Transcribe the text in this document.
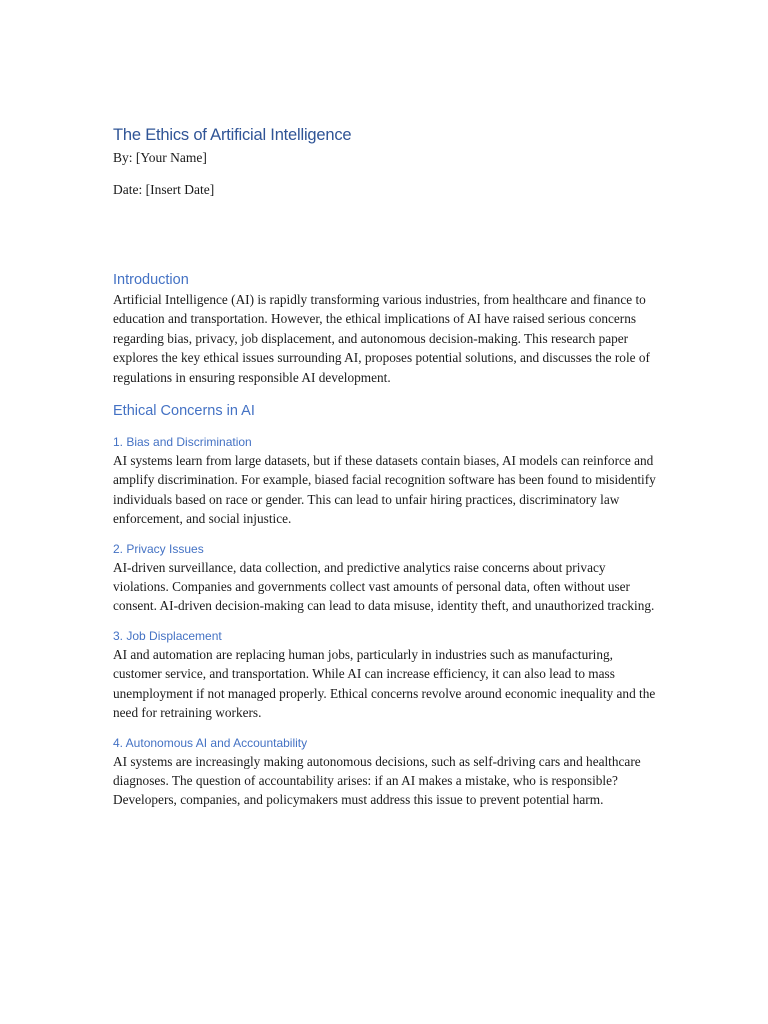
The Ethics of Artificial Intelligence

By: [Your Name]

Date: [Insert Date]

Introduction

Artificial Intelligence (AI) is rapidly transforming various industries, from healthcare and finance to education and transportation. However, the ethical implications of AI have raised serious concerns regarding bias, privacy, job displacement, and autonomous decision-making. This research paper explores the key ethical issues surrounding AI, proposes potential solutions, and discusses the role of regulations in ensuring responsible AI development.

Ethical Concerns in AI
1. Bias and Discrimination

AI systems learn from large datasets, but if these datasets contain biases, AI models can reinforce and amplify discrimination. For example, biased facial recognition software has been found to misidentify individuals based on race or gender. This can lead to unfair hiring practices, discriminatory law enforcement, and social injustice.

2. Privacy Issues

AI-driven surveillance, data collection, and predictive analytics raise concerns about privacy violations. Companies and governments collect vast amounts of personal data, often without user consent. AI-driven decision-making can lead to data misuse, identity theft, and unauthorized tracking.

3. Job Displacement

AI and automation are replacing human jobs, particularly in industries such as manufacturing, customer service, and transportation. While AI can increase efficiency, it can also lead to mass unemployment if not managed properly. Ethical concerns revolve around economic inequality and the need for retraining workers.

4. Autonomous AI and Accountability

AI systems are increasingly making autonomous decisions, such as self-driving cars and healthcare diagnoses. The question of accountability arises: if an AI makes a mistake, who is responsible? Developers, companies, and policymakers must address this issue to prevent potential harm.
